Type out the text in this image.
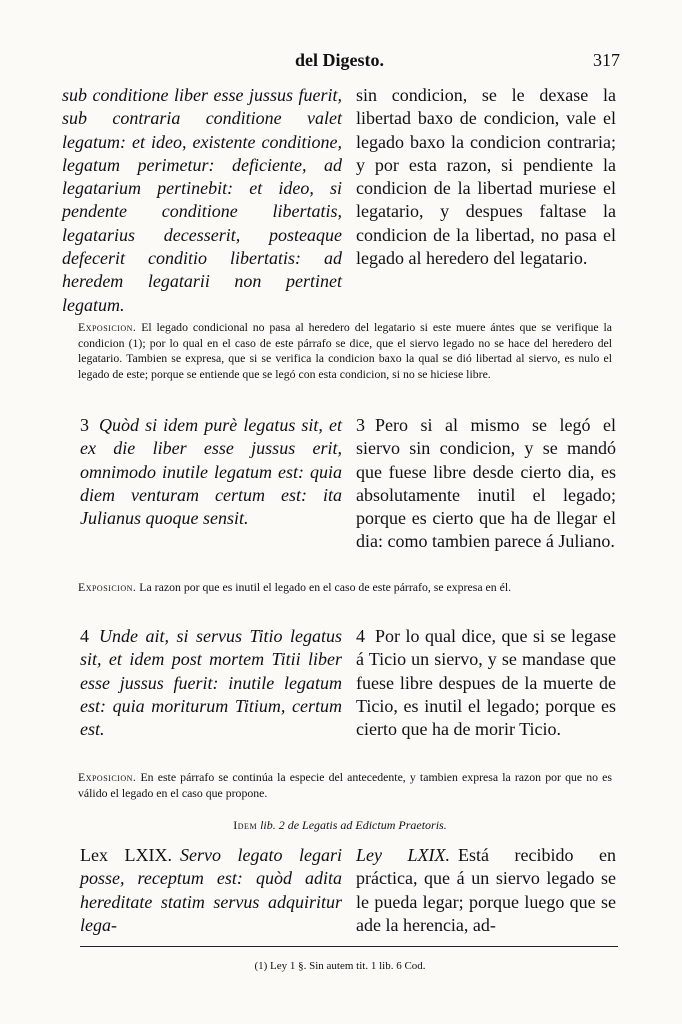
del Digesto.	317
sub conditione liber esse jussus fuerit, sub contraria conditione valet legatum: et ideo, existente conditione, legatum perimetur: deficiente, ad legatarium pertinebit: et ideo, si pendente conditione libertatis, legatarius decesserit, posteaque defecerit conditio libertatis: ad heredem legatarii non pertinet legatum.
sin condicion, se le dexase la libertad baxo de condicion, vale el legado baxo la condicion contraria; y por esta razon, si pendiente la condicion de la libertad muriese el legatario, y despues faltase la condicion de la libertad, no pasa el legado al heredero del legatario.
Exposicion. El legado condicional no pasa al heredero del legatario si este muere ántes que se verifique la condicion (1); por lo qual en el caso de este párrafo se dice, que el siervo legado no se hace del heredero del legatario. Tambien se expresa, que si se verifica la condicion baxo la qual se dió libertad al siervo, es nulo el legado de este; porque se entiende que se legó con esta condicion, si no se hiciese libre.
3 Quòd si idem purè legatus sit, et ex die liber esse jussus erit, omnimodo inutile legatum est: quia diem venturam certum est: ita Julianus quoque sensit.
3 Pero si al mismo se legó el siervo sin condicion, y se mandó que fuese libre desde cierto dia, es absolutamente inutil el legado; porque es cierto que ha de llegar el dia: como tambien parece á Juliano.
Exposicion. La razon por que es inutil el legado en el caso de este párrafo, se expresa en él.
4 Unde ait, si servus Titio legatus sit, et idem post mortem Titii liber esse jussus fuerit: inutile legatum est: quia moriturum Titium, certum est.
4 Por lo qual dice, que si se legase á Ticio un siervo, y se mandase que fuese libre despues de la muerte de Ticio, es inutil el legado; porque es cierto que ha de morir Ticio.
Exposicion. En este párrafo se continúa la especie del antecedente, y tambien expresa la razon por que no es válido el legado en el caso que propone.
Idem lib. 2 de Legatis ad Edictum Praetoris.
Lex LXIX. Servo legato legari posse, receptum est: quòd adita hereditate statim servus adquiritur lega-
Ley LXIX. Está recibido en práctica, que á un siervo legado se le pueda legar; porque luego que se ade la herencia, ad-
(1) Ley 1 §. Sin autem tit. 1 lib. 6 Cod.
